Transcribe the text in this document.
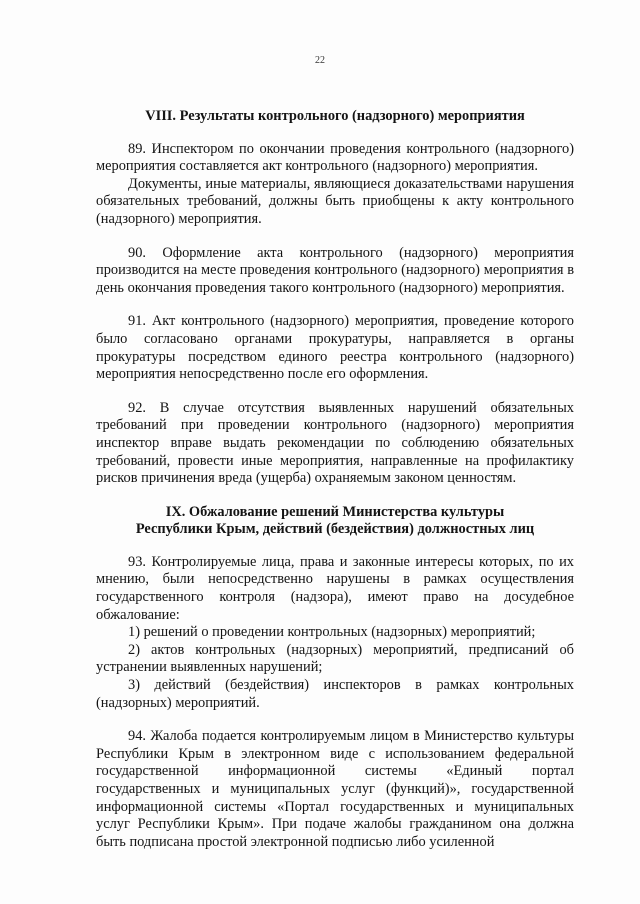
22

VIII. Результаты контрольного (надзорного) мероприятия

89. Инспектором по окончании проведения контрольного (надзорного) мероприятия составляется акт контрольного (надзорного) мероприятия.

Документы, иные материалы, являющиеся доказательствами нарушения обязательных требований, должны быть приобщены к акту контрольного (надзорного) мероприятия.

90. Оформление акта контрольного (надзорного) мероприятия производится на месте проведения контрольного (надзорного) мероприятия в день окончания проведения такого контрольного (надзорного) мероприятия.

91. Акт контрольного (надзорного) мероприятия, проведение которого было согласовано органами прокуратуры, направляется в органы прокуратуры посредством единого реестра контрольного (надзорного) мероприятия непосредственно после его оформления.

92. В случае отсутствия выявленных нарушений обязательных требований при проведении контрольного (надзорного) мероприятия инспектор вправе выдать рекомендации по соблюдению обязательных требований, провести иные мероприятия, направленные на профилактику рисков причинения вреда (ущерба) охраняемым законом ценностям.

IX. Обжалование решений Министерства культуры

Республики Крым, действий (бездействия) должностных лиц

93. Контролируемые лица, права и законные интересы которых, по их мнению, были непосредственно нарушены в рамках осуществления государственного контроля (надзора), имеют право на досудебное обжалование:

1) решений о проведении контрольных (надзорных) мероприятий;

2) актов контрольных (надзорных) мероприятий, предписаний об устранении выявленных нарушений;

3) действий (бездействия) инспекторов в рамках контрольных (надзорных) мероприятий.

94. Жалоба подается контролируемым лицом в Министерство культуры Республики Крым в электронном виде с использованием федеральной государственной информационной системы «Единый портал государственных и муниципальных услуг (функций)», государственной информационной системы «Портал государственных и муниципальных услуг Республики Крым». При подаче жалобы гражданином она должна быть подписана простой электронной подписью либо усиленной
